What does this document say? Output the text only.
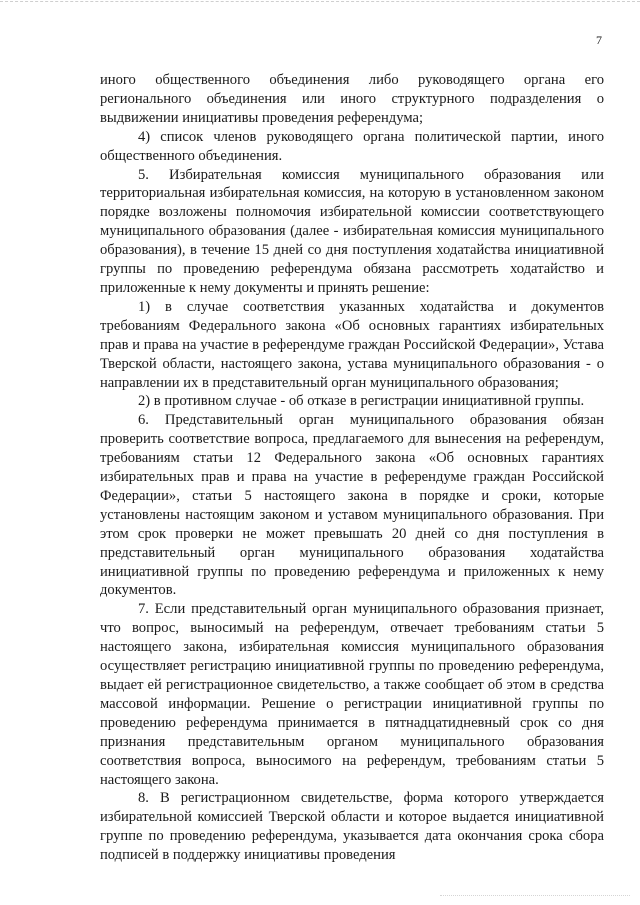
7

иного общественного объединения либо руководящего органа его регионального объединения или иного структурного подразделения о выдвижении инициативы проведения референдума;

4) список членов руководящего органа политической партии, иного общественного объединения.

5. Избирательная комиссия муниципального образования или территориальная избирательная комиссия, на которую в установленном законом порядке возложены полномочия избирательной комиссии соответствующего муниципального образования (далее - избирательная комиссия муниципального образования), в течение 15 дней со дня поступления ходатайства инициативной группы по проведению референдума обязана рассмотреть ходатайство и приложенные к нему документы и принять решение:

1) в случае соответствия указанных ходатайства и документов требованиям Федерального закона «Об основных гарантиях избирательных прав и права на участие в референдуме граждан Российской Федерации», Устава Тверской области, настоящего закона, устава муниципального образования - о направлении их в представительный орган муниципального образования;

2) в противном случае - об отказе в регистрации инициативной группы.

6. Представительный орган муниципального образования обязан проверить соответствие вопроса, предлагаемого для вынесения на референдум, требованиям статьи 12 Федерального закона «Об основных гарантиях избирательных прав и права на участие в референдуме граждан Российской Федерации», статьи 5 настоящего закона в порядке и сроки, которые установлены настоящим законом и уставом муниципального образования. При этом срок проверки не может превышать 20 дней со дня поступления в представительный орган муниципального образования ходатайства инициативной группы по проведению референдума и приложенных к нему документов.

7. Если представительный орган муниципального образования признает, что вопрос, выносимый на референдум, отвечает требованиям статьи 5 настоящего закона, избирательная комиссия муниципального образования осуществляет регистрацию инициативной группы по проведению референдума, выдает ей регистрационное свидетельство, а также сообщает об этом в средства массовой информации. Решение о регистрации инициативной группы по проведению референдума принимается в пятнадцатидневный срок со дня признания представительным органом муниципального образования соответствия вопроса, выносимого на референдум, требованиям статьи 5 настоящего закона.

8. В регистрационном свидетельстве, форма которого утверждается избирательной комиссией Тверской области и которое выдается инициативной группе по проведению референдума, указывается дата окончания срока сбора подписей в поддержку инициативы проведения
